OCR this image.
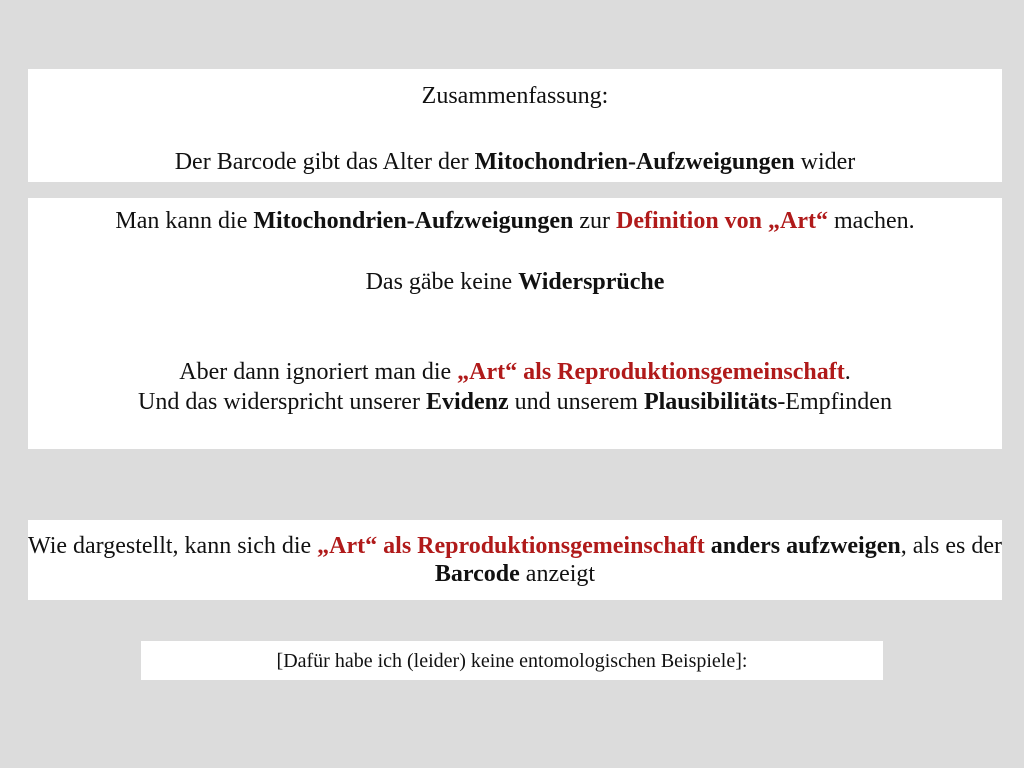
Zusammenfassung:

Der Barcode gibt das Alter der Mitochondrien-Aufzweigungen wider

Man kann die Mitochondrien-Aufzweigungen zur Definition von „Art“ machen.

Das gäbe keine Widersprüche

Aber dann ignoriert man die „Art“ als Reproduktionsgemeinschaft.

Und das widerspricht unserer Evidenz und unserem Plausibilitäts-Empfinden

Wie dargestellt, kann sich die „Art“ als Reproduktionsgemeinschaft anders aufzweigen, als es der Barcode anzeigt

[Dafür habe ich (leider) keine entomologischen Beispiele]:
